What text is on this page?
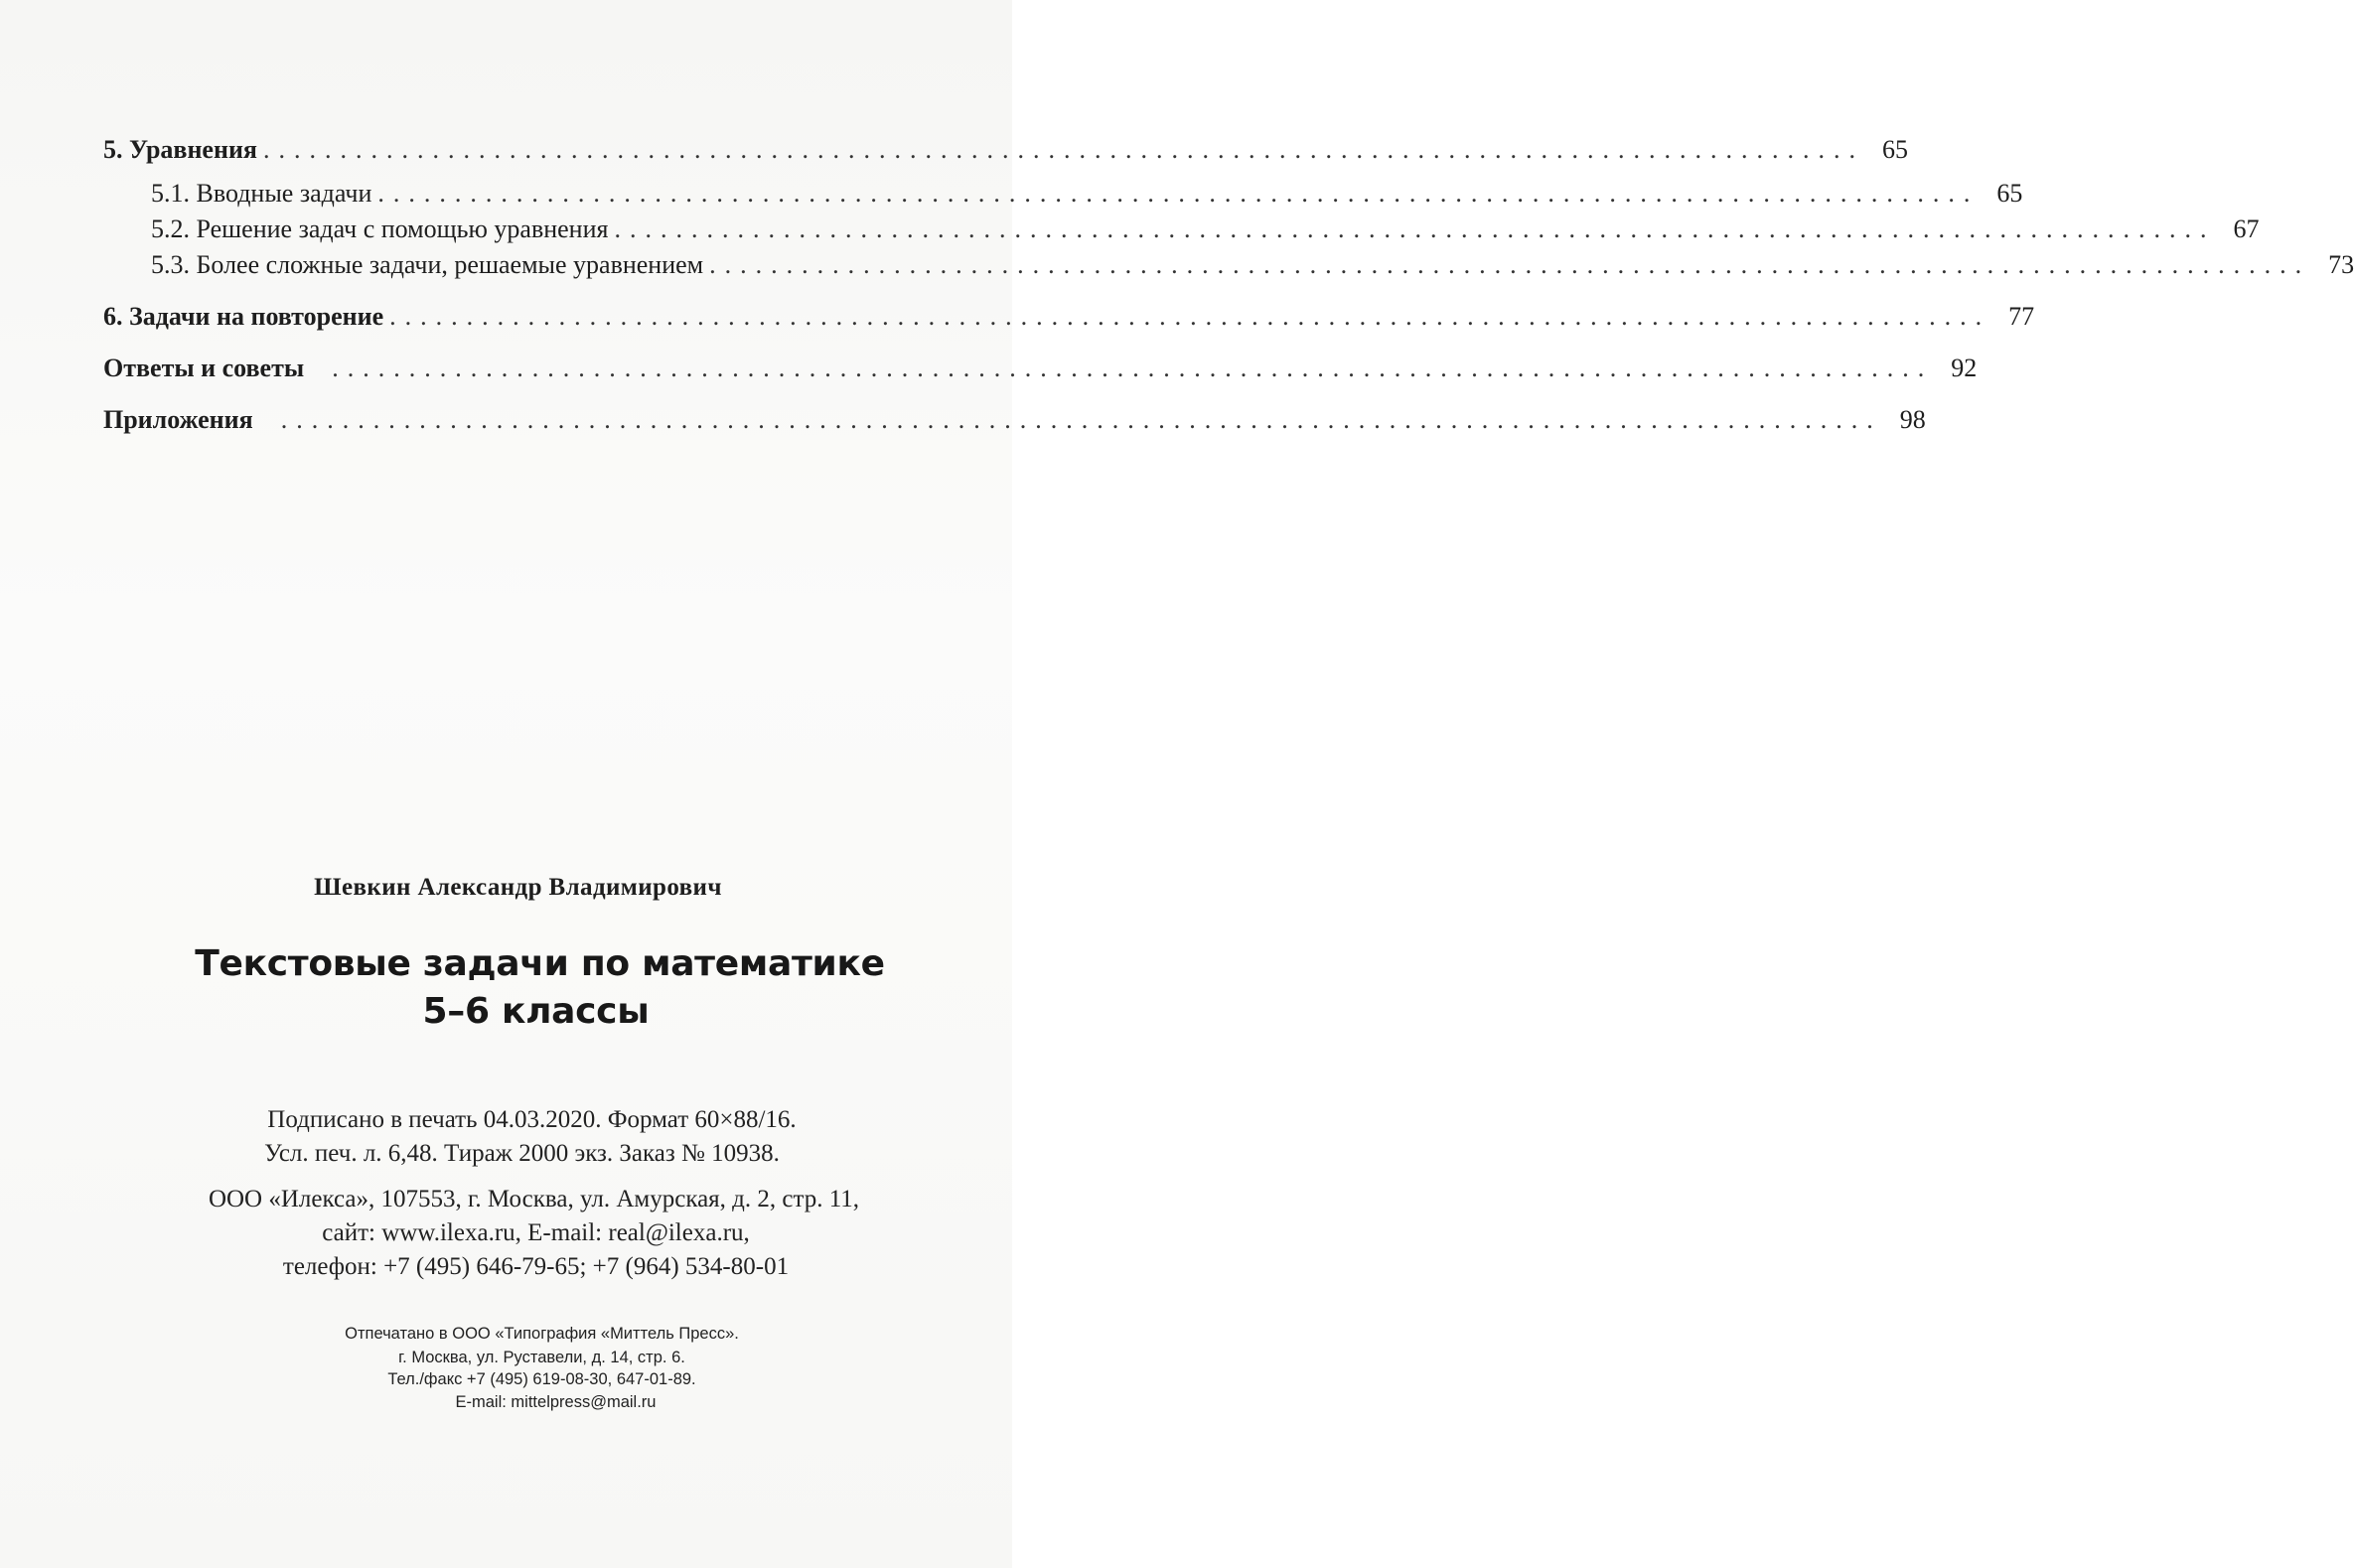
5. Уравнения ........................................................................................................ 65
5.1. Вводные задачи ........................................................................................................ 65
5.2. Решение задач с помощью уравнения ........................................................................................................ 67
5.3. Более сложные задачи, решаемые уравнением ........................................................................................................ 73
6. Задачи на повторение ........................................................................................................ 77
Ответы и советы ........................................................................................................ 92
Приложения ........................................................................................................ 98
Шевкин Александр Владимирович
Текстовые задачи по математике
5–6 классы
Подписано в печать 04.03.2020. Формат 60×88/16.
Усл. печ. л. 6,48. Тираж 2000 экз. Заказ № 10938.
ООО «Илекса», 107553, г. Москва, ул. Амурская, д. 2, стр. 11,
сайт: www.ilexa.ru, E-mail: real@ilexa.ru,
телефон: +7 (495) 646-79-65; +7 (964) 534-80-01
Отпечатано в ООО «Типография «Миттель Пресс».
г. Москва, ул. Руставели, д. 14, стр. 6.
Тел./факс +7 (495) 619-08-30, 647-01-89.
E-mail: mittelpress@mail.ru
